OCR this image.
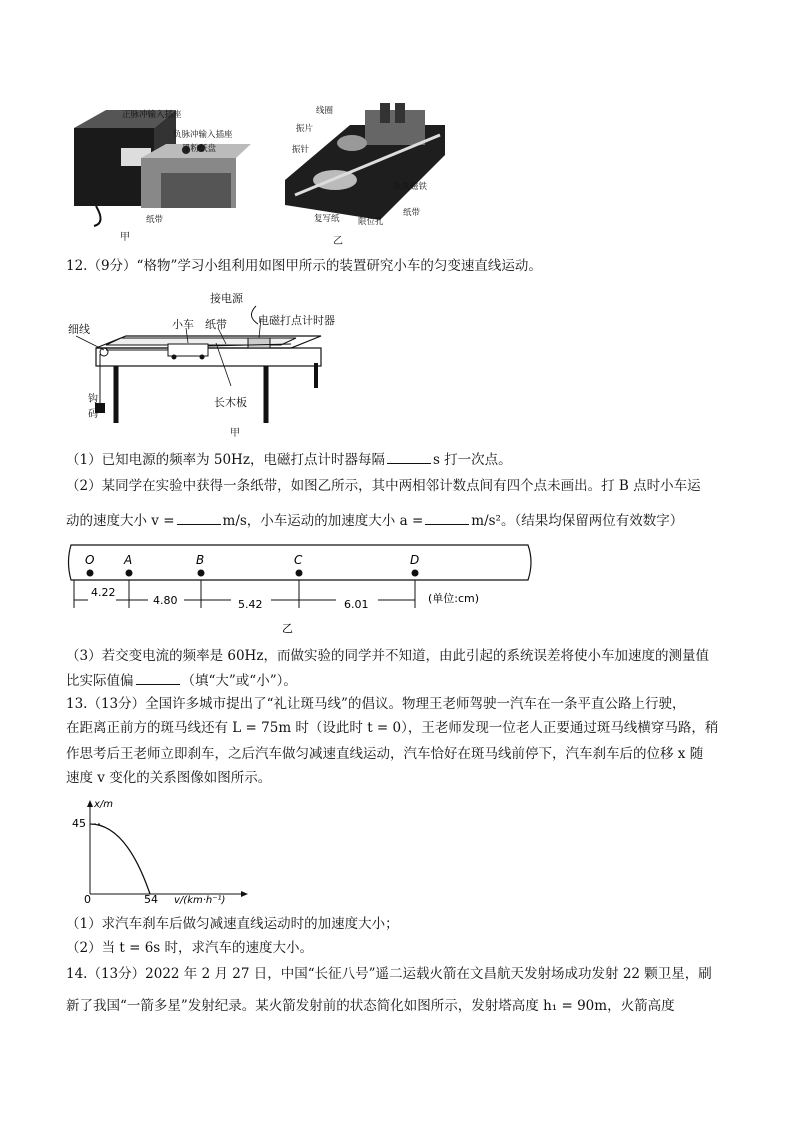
正脉冲输入插座
负脉冲输入插座
墨粉纸盘
纸带
甲
线圈
振片
振针
永久磁铁
复写纸 限位孔
纸带
乙
12.（9分）“格物”学习小组利用如图甲所示的装置研究小车的匀变速直线运动。
接电源
细线	小车 纸带	电磁打点计时器
钩码
长木板
甲
（1）已知电源的频率为 50Hz，电磁打点计时器每隔	s 打一次点。
（2）某同学在实验中获得一条纸带，如图乙所示，其中两相邻计数点间有四个点未画出。打 B 点时小车运
动的速度大小 v =	m/s，小车运动的加速度大小 a =	m/s²。（结果均保留两位有效数字）
O A	B	C	D
4.22
4.80	5.42	6.01	(单位:cm)
乙
（3）若交变电流的频率是 60Hz，而做实验的同学并不知道，由此引起的系统误差将使小车加速度的测量值
比实际值偏	（填“大”或“小”）。
13.（13分）全国许多城市提出了“礼让斑马线”的倡议。物理王老师驾驶一汽车在一条平直公路上行驶，
在距离正前方的斑马线还有 L = 75m 时（设此时 t = 0），王老师发现一位老人正要通过斑马线横穿马路，稍
作思考后王老师立即刹车，之后汽车做匀减速直线运动，汽车恰好在斑马线前停下，汽车刹车后的位移 x 随
速度 v 变化的关系图像如图所示。
x/m
45
0	54 v/(km·h⁻¹)
（1）求汽车刹车后做匀减速直线运动时的加速度大小；
（2）当 t = 6s 时，求汽车的速度大小。
14.（13分）2022 年 2 月 27 日，中国“长征八号”遥二运载火箭在文昌航天发射场成功发射 22 颗卫星，刷
新了我国“一箭多星”发射纪录。某火箭发射前的状态简化如图所示，发射塔高度 h₁ = 90m，火箭高度
